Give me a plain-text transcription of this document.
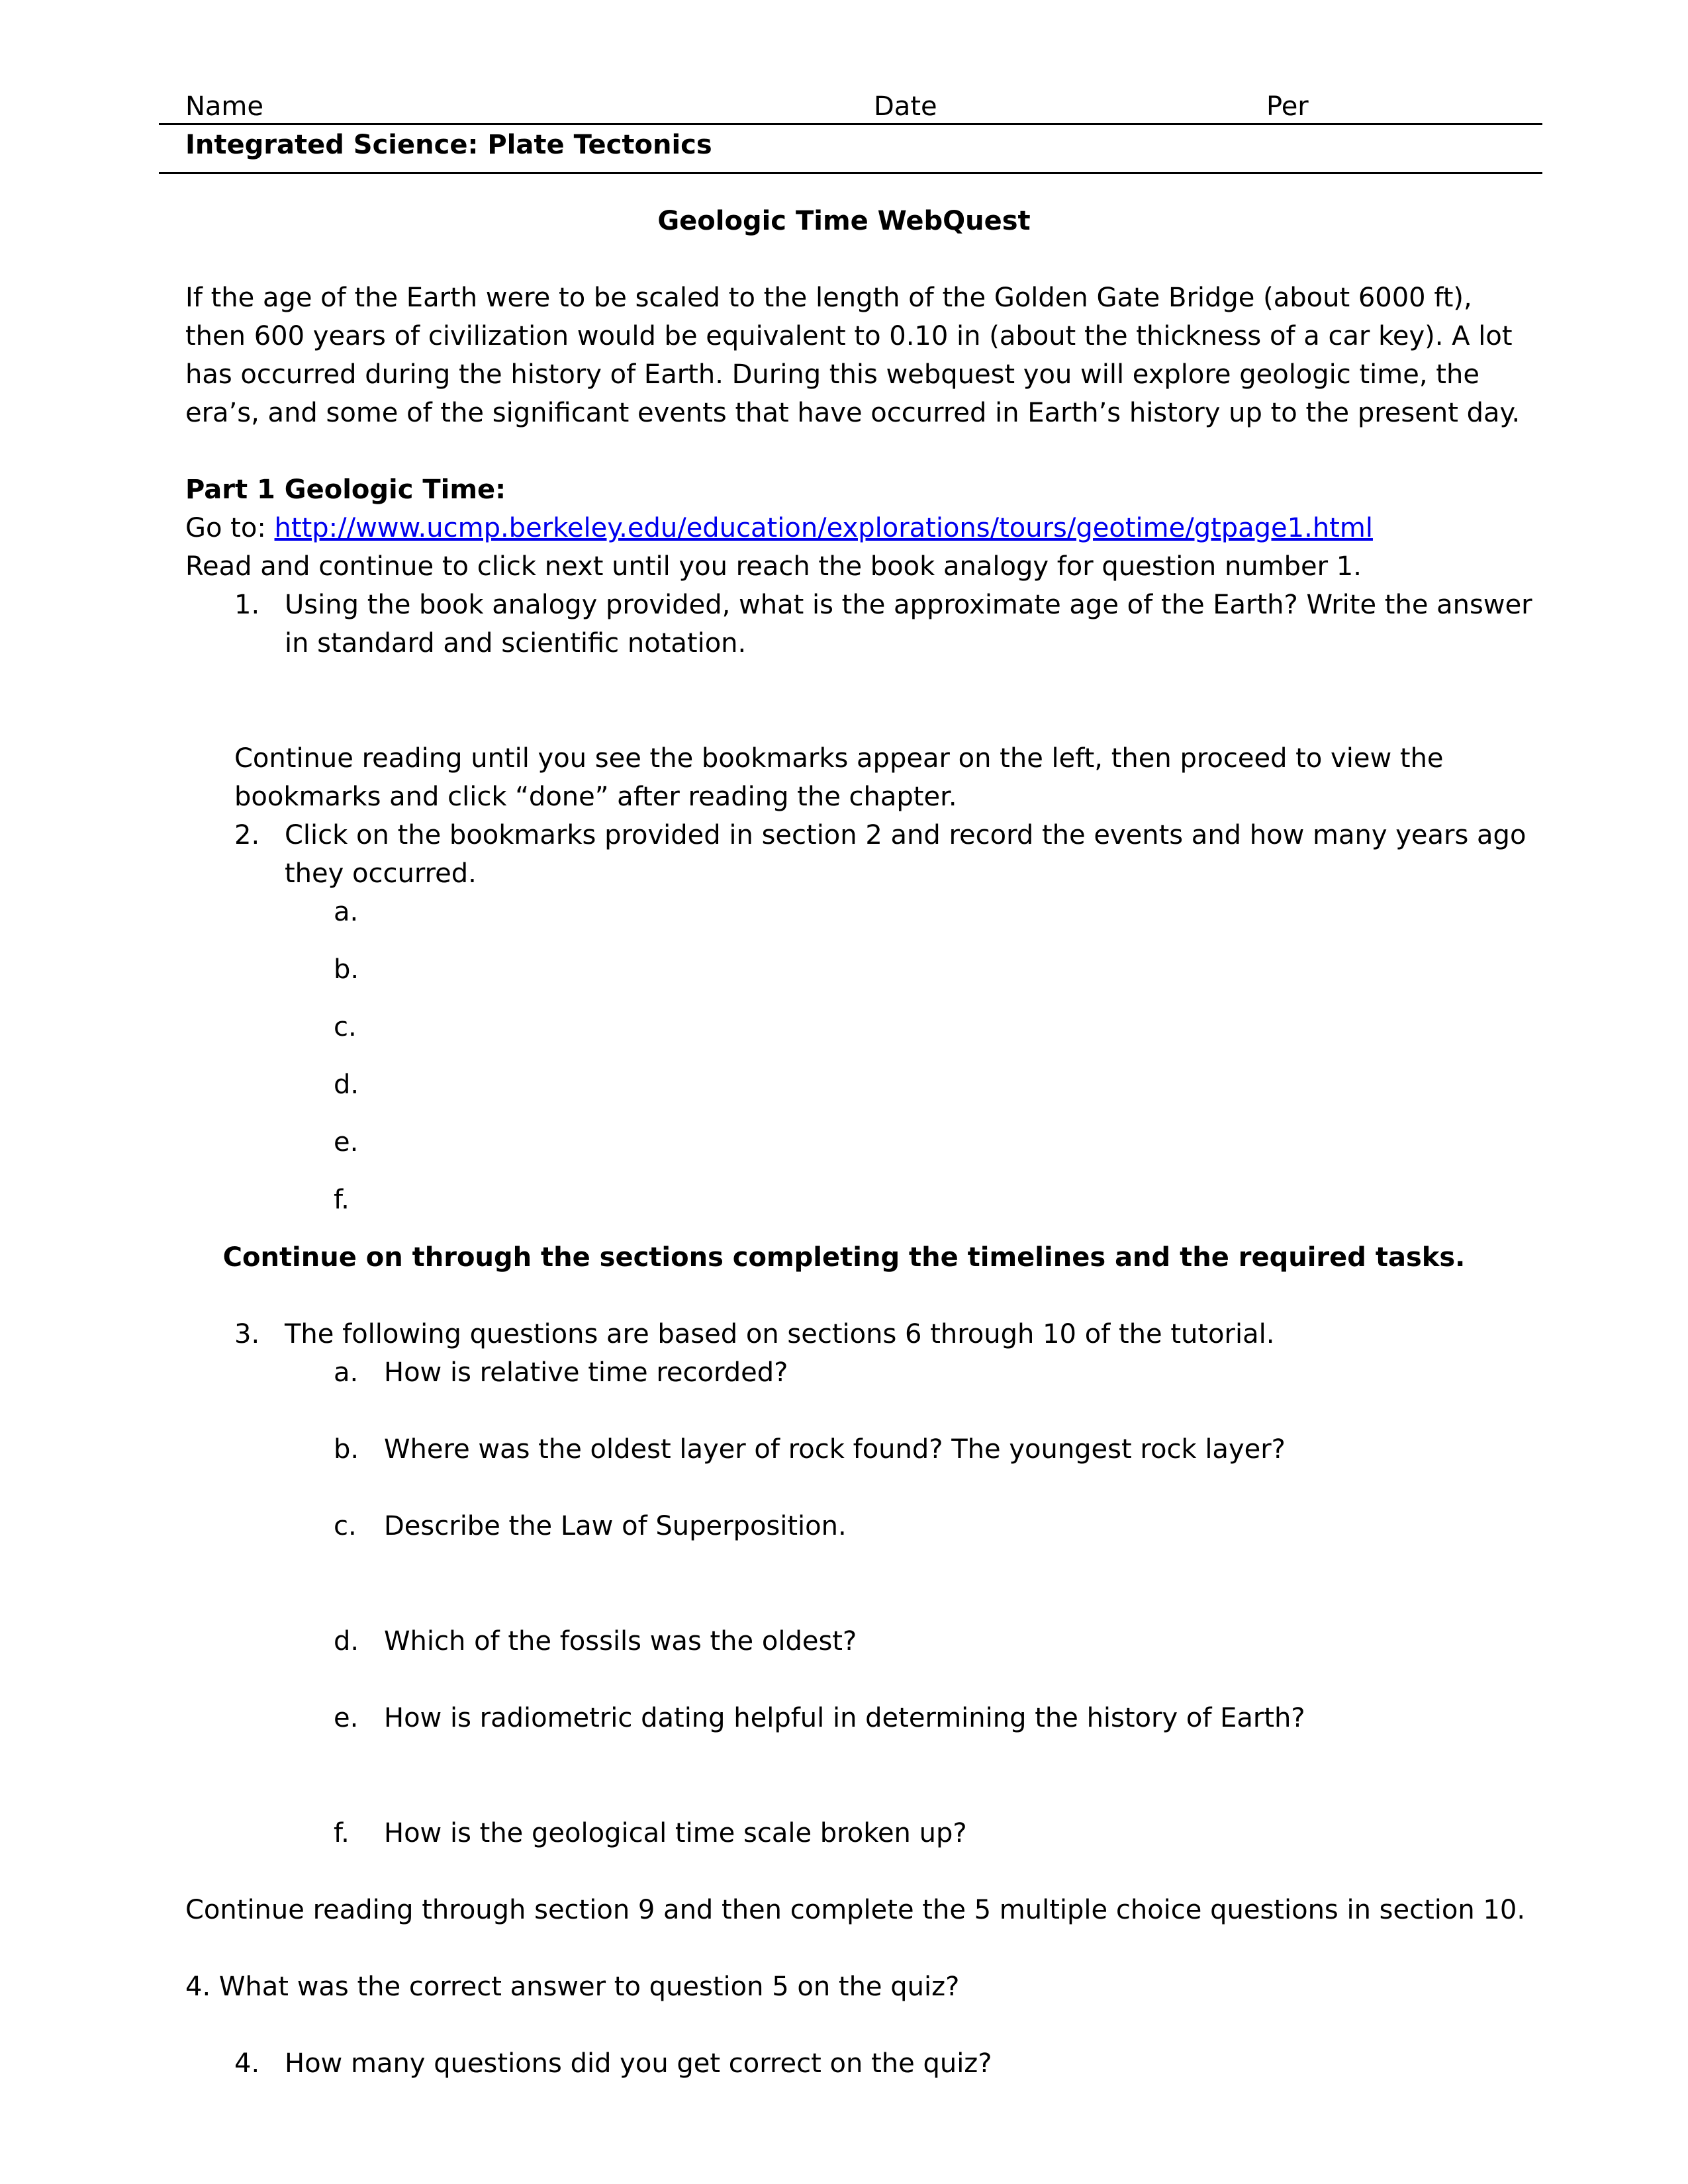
Name	Date	Per
Integrated Science: Plate Tectonics
Geologic Time WebQuest
If the age of the Earth were to be scaled to the length of the Golden Gate Bridge (about 6000 ft),
then 600 years of civilization would be equivalent to 0.10 in (about the thickness of a car key). A lot
has occurred during the history of Earth. During this webquest you will explore geologic time, the
era’s, and some of the significant events that have occurred in Earth’s history up to the present day.
Part 1 Geologic Time:
Go to: http://www.ucmp.berkeley.edu/education/explorations/tours/geotime/gtpage1.html
Read and continue to click next until you reach the book analogy for question number 1.
1. Using the book analogy provided, what is the approximate age of the Earth? Write the answer
in standard and scientific notation.
Continue reading until you see the bookmarks appear on the left, then proceed to view the
bookmarks and click “done” after reading the chapter.
2. Click on the bookmarks provided in section 2 and record the events and how many years ago
they occurred.
a.
b.
c.
d.
e.
f.
Continue on through the sections completing the timelines and the required tasks.
3. The following questions are based on sections 6 through 10 of the tutorial.
a. How is relative time recorded?
b. Where was the oldest layer of rock found? The youngest rock layer?
c. Describe the Law of Superposition.
d. Which of the fossils was the oldest?
e. How is radiometric dating helpful in determining the history of Earth?
f. How is the geological time scale broken up?
Continue reading through section 9 and then complete the 5 multiple choice questions in section 10.
4. What was the correct answer to question 5 on the quiz?
4. How many questions did you get correct on the quiz?
